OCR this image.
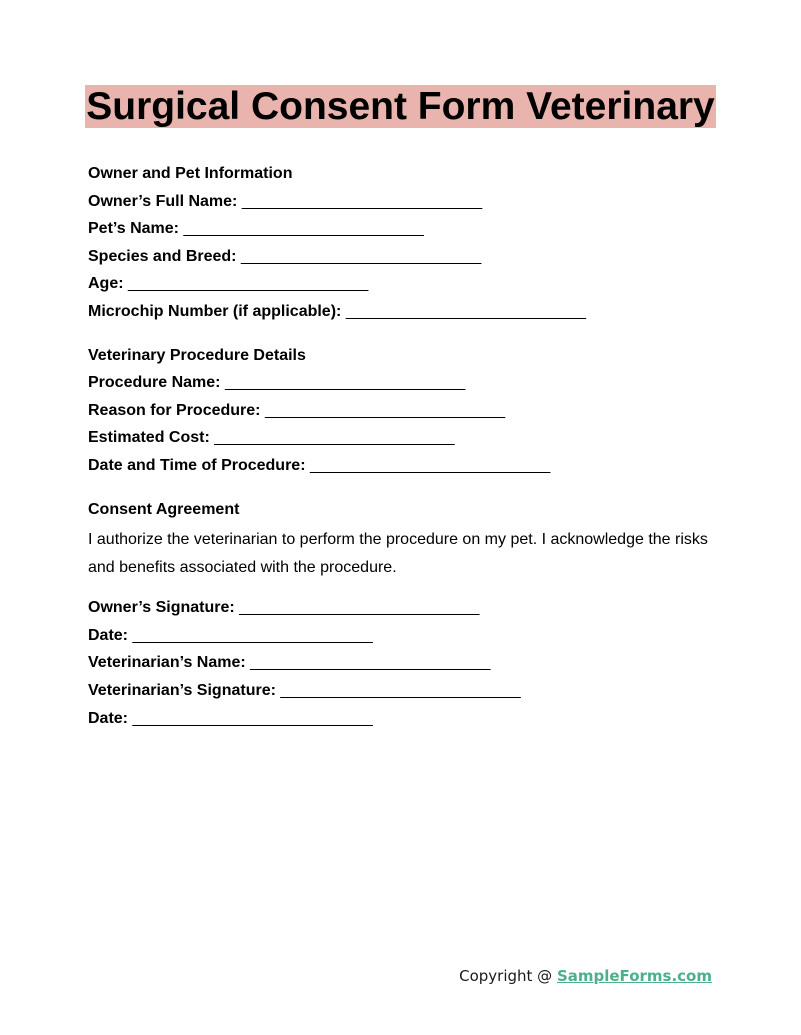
Surgical Consent Form Veterinary
Owner and Pet Information
Owner’s Full Name: ___________________________
Pet’s Name: ___________________________
Species and Breed: ___________________________
Age: ___________________________
Microchip Number (if applicable): ___________________________
Veterinary Procedure Details
Procedure Name: ___________________________
Reason for Procedure: ___________________________
Estimated Cost: ___________________________
Date and Time of Procedure: ___________________________
Consent Agreement
I authorize the veterinarian to perform the procedure on my pet. I acknowledge the risks and benefits associated with the procedure.
Owner’s Signature: ___________________________
Date: ___________________________
Veterinarian’s Name: ___________________________
Veterinarian’s Signature: ___________________________
Date: ___________________________
Copyright @ SampleForms.com
